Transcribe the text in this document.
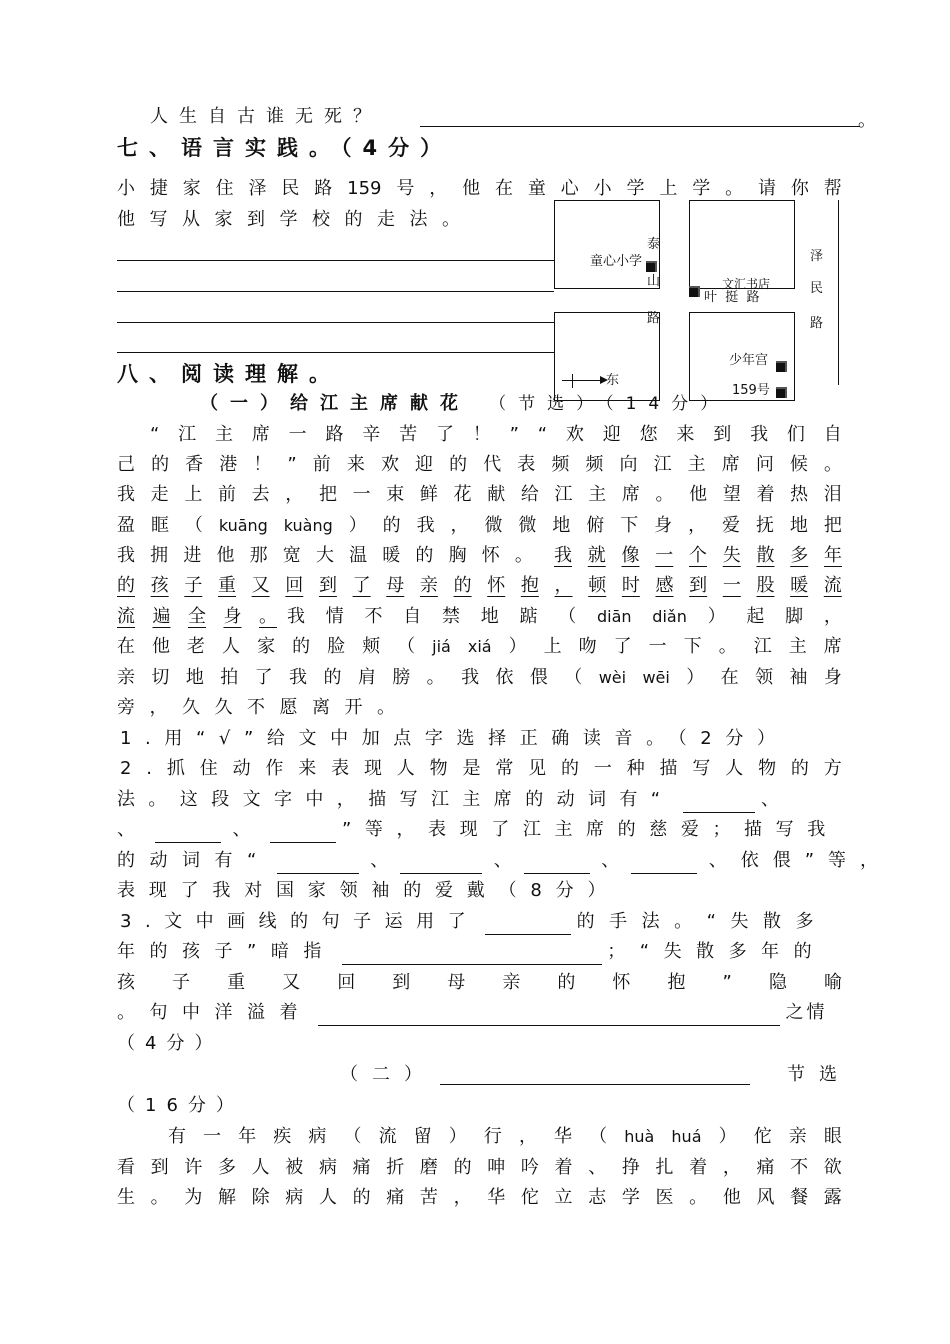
人生自古谁无死？	。
七、语言实践。（4分）
小 捷 家 住 泽 民 路 159 号 ， 他 在 童 心 小 学 上 学 。 请 你 帮
他写从家到学校的走法。
童心小学
泰
山
路
文汇书店
叶  挺  路
泽
民
路
少年宫
159号
东
八、阅读理解。
（一）给江主席献花 （节选）（14分）
“ 江 主 席 一 路 辛 苦 了 ！ ” “ 欢 迎 您 来 到 我 们 自
己 的 香 港 ！ ” 前 来 欢 迎 的 代 表 频 频 向 江 主 席 问 候 。
我 走 上 前 去 ， 把 一 束 鲜 花 献 给 江 主 席 。 他 望 着 热 泪
盈 眶 （ kuāng kuàng ） 的 我 ， 微 微 地 俯 下 身 ， 爱 抚 地 把
我 拥 进 他 那 宽 大 温 暖 的 胸 怀 。 我 就 像 一 个 失 散 多 年
的 孩 子 重 又 回 到 了 母 亲 的 怀 抱 ， 顿 时 感 到 一 股 暖 流
流 遍 全 身 。 我 情 不 自 禁 地 踮 （ diān diǎn ） 起 脚 ，
在 他 老 人 家 的 脸 颊 （ jiá xiá ） 上 吻 了 一 下 。 江 主 席
亲 切 地 拍 了 我 的 肩 膀 。 我 依 偎 （ wèi wēi ） 在 领 袖 身
旁，久久不愿离开。
1.用“√”给文中加点字选择正确读音。（2分）
2 . 抓 住 动 作 来 表 现 人 物 是 常 见 的 一 种 描 写 人 物 的 方
法。这段文字中，描写江主席的动词有“	、
、	、	”等，表现了江主席的慈爱；描写我
的动词有“	、	、	、	、依偎”等，
表现了我对国家领袖的爱戴（8分）
3.文中画线的句子运用了	的手法。“失散多
年的孩子”暗指	；“失散多年的
孩 子 重 又 回 到 母 亲 的 怀 抱 ” 隐 喻
。句中洋溢着	之情
（4分）
（二）	节选
（16分）
有 一 年 疾 病 （ 流 留 ） 行 ， 华 （ huà huá ） 佗 亲 眼
看 到 许 多 人 被 病 痛 折 磨 的 呻 吟 着 、 挣 扎 着 ， 痛 不 欲
生 。 为 解 除 病 人 的 痛 苦 ， 华 佗 立 志 学 医 。 他 风 餐 露
